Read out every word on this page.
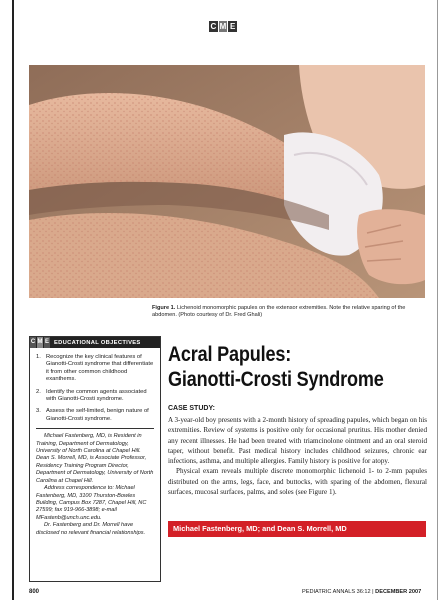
C M E
Figure 1. Lichenoid monomorphic papules on the extensor extremities. Note the relative sparing of the abdomen. (Photo courtesy of Dr. Fred Ghali)
C M E EDUCATIONAL OBJECTIVES
1. Recognize the key clinical features of Gianotti-Crosti syndrome that differentiate it from other common childhood exanthems.
2. Identify the common agents associated with Gianotti-Crosti syndrome.
3. Assess the self-limited, benign nature of Gianotti-Crosti syndrome.

Michael Fastenberg, MD, is Resident in Training, Department of Dermatology, University of North Carolina at Chapel Hill. Dean S. Morrell, MD, is Associate Professor, Residency Training Program Director, Department of Dermatology, University of North Carolina at Chapel Hill.

Address correspondence to: Michael Fastenberg, MD, 3100 Thurston-Bowles Building, Campus Box 7287, Chapel Hill, NC 27599; fax 919-966-3898; e-mail MFastenb@unch.unc.edu.

Dr. Fastenberg and Dr. Morrell have disclosed no relevant financial relationships.

Acral Papules:
Gianotti-Crosti Syndrome
CASE STUDY:

A 3-year-old boy presents with a 2-month history of spreading papules, which began on his extremities. Review of systems is positive only for occasional pruritus. His mother denied any recent illnesses. He had been treated with triamcinolone ointment and an oral steroid taper, without benefit. Past medical history includes childhood seizures, chronic ear infections, asthma, and multiple allergies. Family history is positive for atopy.

Physical exam reveals multiple discrete monomorphic lichenoid 1- to 2-mm papules distributed on the arms, legs, face, and buttocks, with sparing of the abdomen, flexural surfaces, mucosal surfaces, palms, and soles (see Figure 1).

Michael Fastenberg, MD; and Dean S. Morrell, MD
800	PEDIATRIC ANNALS 36:12 | DECEMBER 2007
